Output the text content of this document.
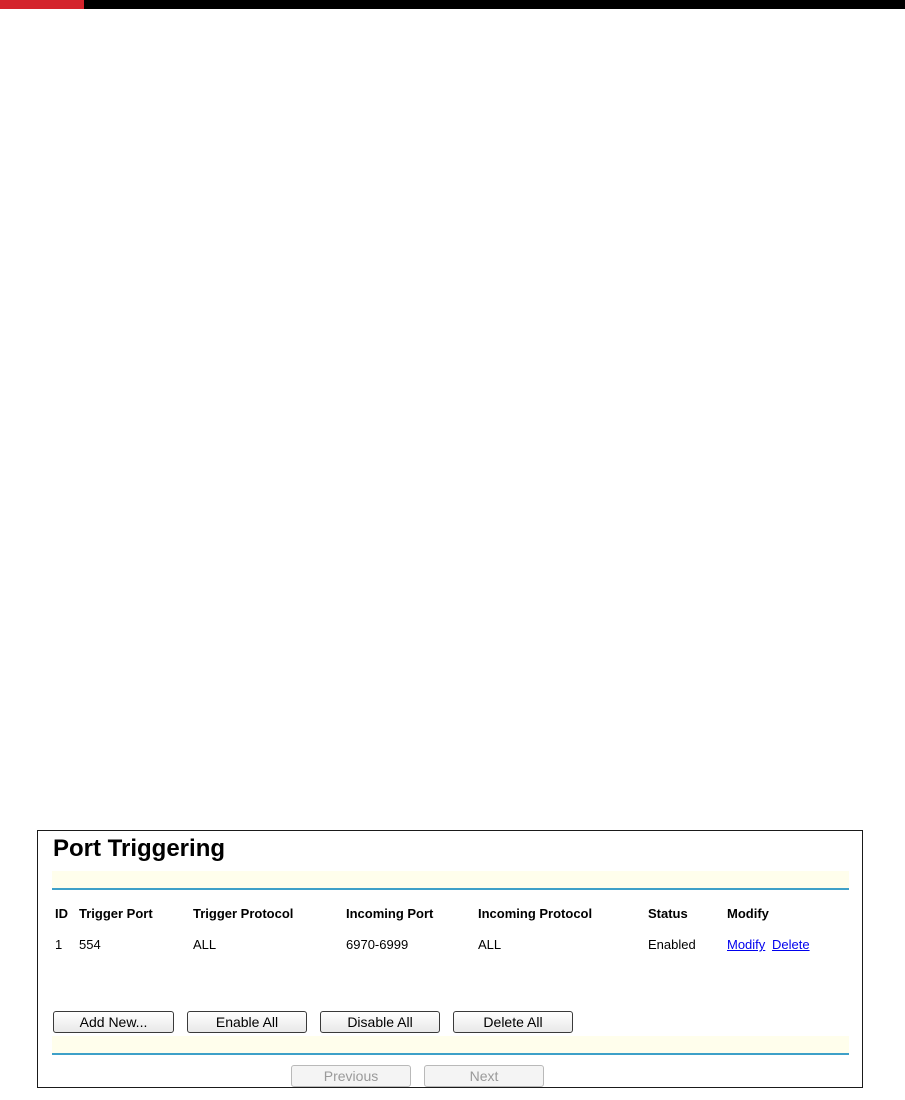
Port Triggering
ID Trigger Port	Trigger Protocol	Incoming Port	Incoming Protocol	Status	Modify
1 554	ALL	6970-6999	ALL	Enabled Modify Delete
Add New...	Enable All	Disable All	Delete All
Previous	Next
